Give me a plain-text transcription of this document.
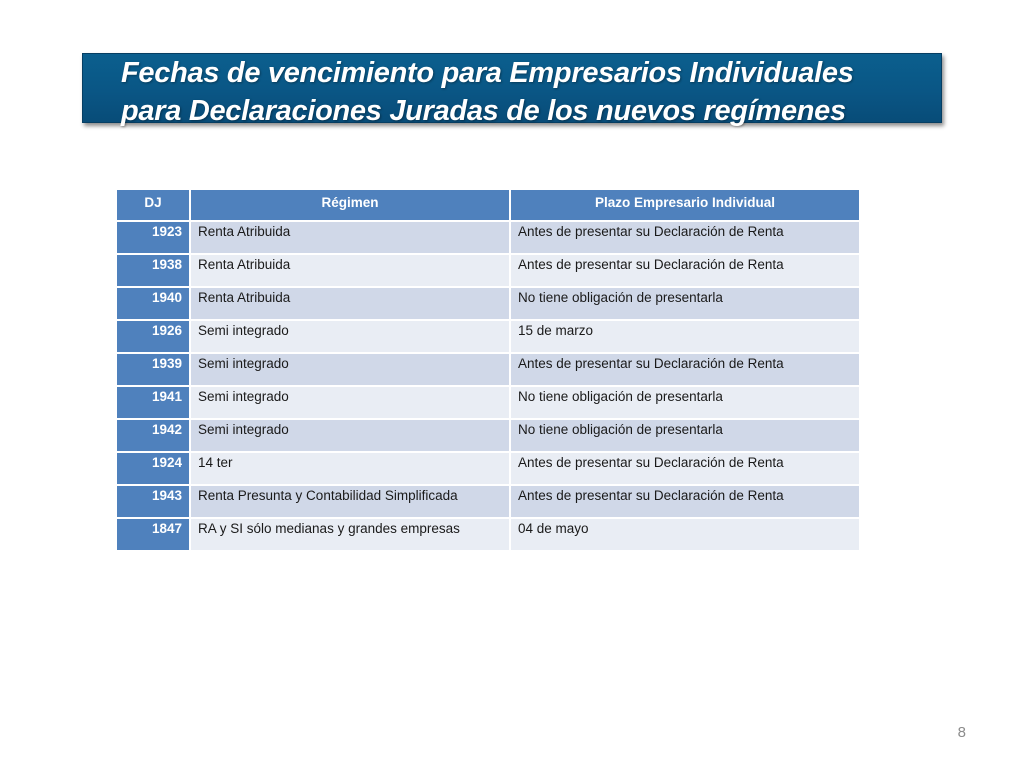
Fechas de vencimiento para Empresarios Individuales
para Declaraciones Juradas de los nuevos regímenes
DJ	Régimen	Plazo Empresario Individual
1923	Renta Atribuida	Antes de presentar su Declaración de Renta
1938	Renta Atribuida	Antes de presentar su Declaración de Renta
1940	Renta Atribuida	No tiene obligación de presentarla
1926	Semi integrado	15 de marzo
1939	Semi integrado	Antes de presentar su Declaración de Renta
1941	Semi integrado	No tiene obligación de presentarla
1942	Semi integrado	No tiene obligación de presentarla
1924	14 ter	Antes de presentar su Declaración de Renta
1943	Renta Presunta y Contabilidad Simplificada	Antes de presentar su Declaración de Renta
1847	RA y SI sólo medianas y grandes empresas	04 de mayo
8
